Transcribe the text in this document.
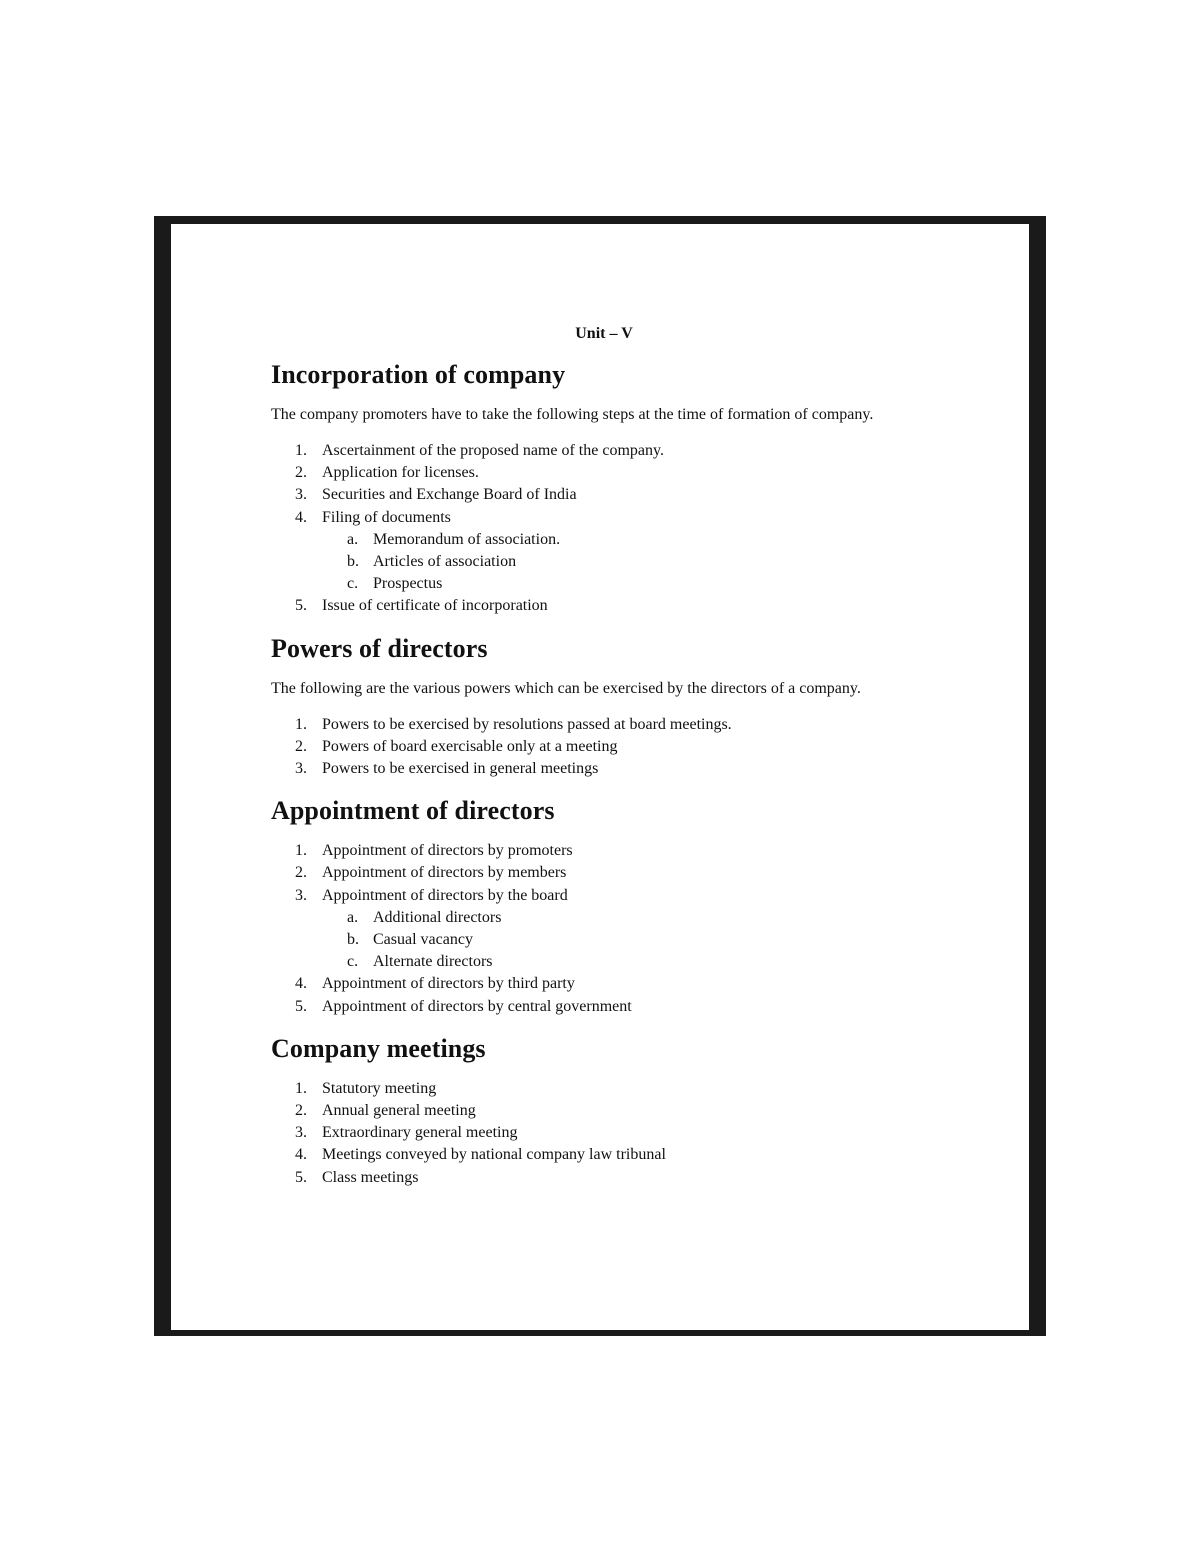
Unit – V

Incorporation of company

The company promoters have to take the following steps at the time of formation of company.

1. Ascertainment of the proposed name of the company.
2. Application for licenses.
3. Securities and Exchange Board of India
4. Filing of documents
a. Memorandum of association.
b. Articles of association
c. Prospectus
5. Issue of certificate of incorporation
Powers of directors

The following are the various powers which can be exercised by the directors of a company.

1. Powers to be exercised by resolutions passed at board meetings.
2. Powers of board exercisable only at a meeting
3. Powers to be exercised in general meetings
Appointment of directors
1. Appointment of directors by promoters
2. Appointment of directors by members
3. Appointment of directors by the board
a. Additional directors
b. Casual vacancy
c. Alternate directors
4. Appointment of directors by third party
5. Appointment of directors by central government
Company meetings
1. Statutory meeting
2. Annual general meeting
3. Extraordinary general meeting
4. Meetings conveyed by national company law tribunal
5. Class meetings
